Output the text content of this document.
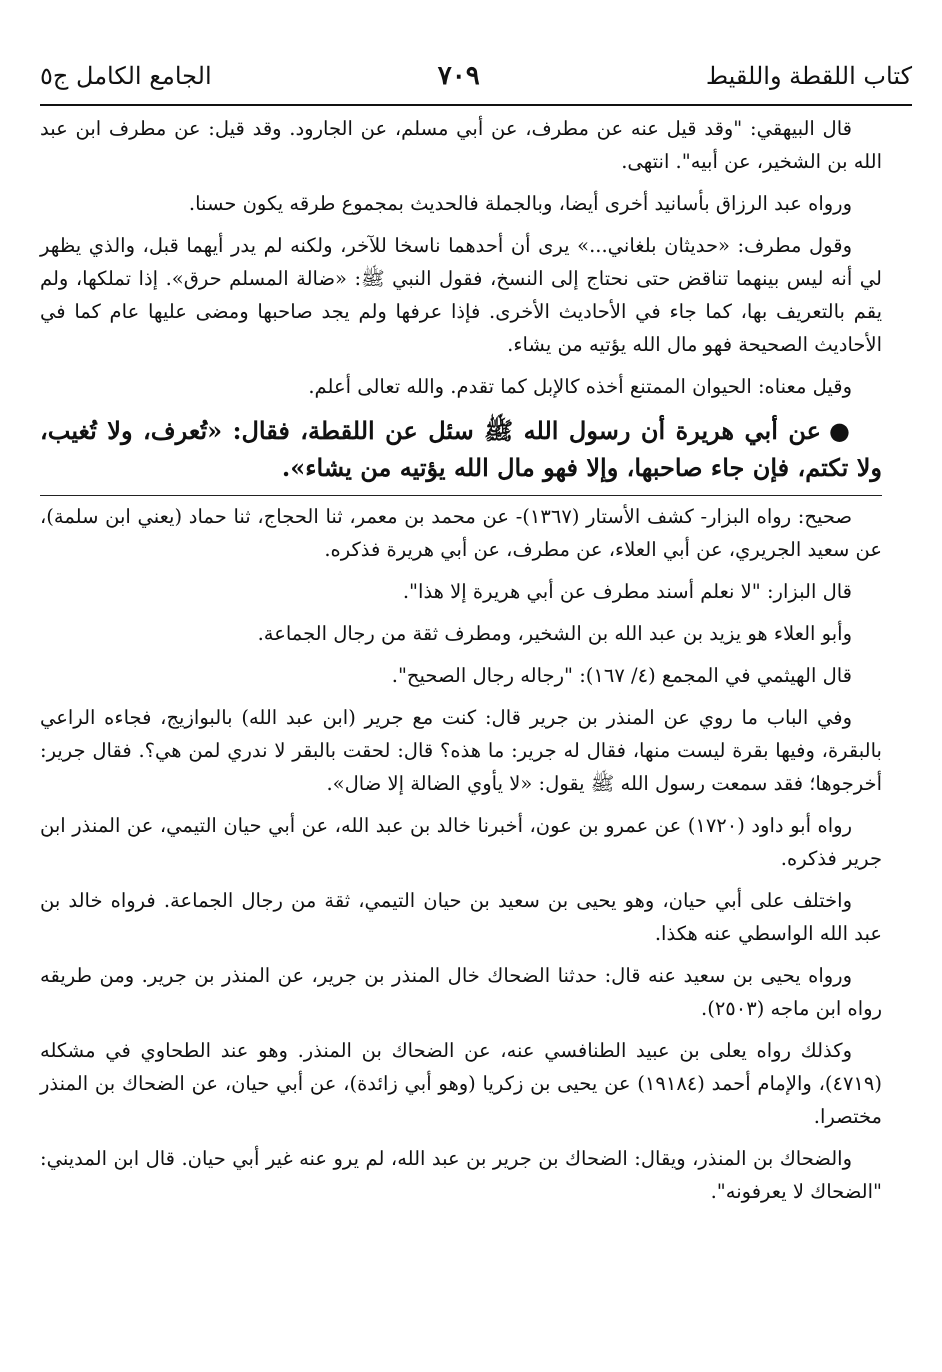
كتاب اللقطة واللقيط
٧٠٩
الجامع الكامل ج٥

قال البيهقي: "وقد قيل عنه عن مطرف، عن أبي مسلم، عن الجارود. وقد قيل: عن مطرف ابن عبد الله بن الشخير، عن أبيه". انتهى.

ورواه عبد الرزاق بأسانيد أخرى أيضا، وبالجملة فالحديث بمجموع طرقه يكون حسنا.

وقول مطرف: «حديثان بلغاني...» يرى أن أحدهما ناسخا للآخر، ولكنه لم يدر أيهما قبل، والذي يظهر لي أنه ليس بينهما تناقض حتى نحتاج إلى النسخ، فقول النبي ﷺ: «ضالة المسلم حرق». إذا تملكها، ولم يقم بالتعريف بها، كما جاء في الأحاديث الأخرى. فإذا عرفها ولم يجد صاحبها ومضى عليها عام كما في الأحاديث الصحيحة فهو مال الله يؤتيه من يشاء.

وقيل معناه: الحيوان الممتنع أخذه كالإبل كما تقدم. والله تعالى أعلم.

●عن أبي هريرة أن رسول الله ﷺ سئل عن اللقطة، فقال: «تُعرف، ولا تُغيب، ولا تكتم، فإن جاء صاحبها، وإلا فهو مال الله يؤتيه من يشاء».

صحيح: رواه البزار- كشف الأستار (١٣٦٧)- عن محمد بن معمر، ثنا الحجاج، ثنا حماد (يعني ابن سلمة)، عن سعيد الجريري، عن أبي العلاء، عن مطرف، عن أبي هريرة فذكره.

قال البزار: "لا نعلم أسند مطرف عن أبي هريرة إلا هذا".

وأبو العلاء هو يزيد بن عبد الله بن الشخير، ومطرف ثقة من رجال الجماعة.

قال الهيثمي في المجمع (٤/ ١٦٧): "رجاله رجال الصحيح".

وفي الباب ما روي عن المنذر بن جرير قال: كنت مع جرير (ابن عبد الله) بالبوازيج، فجاءه الراعي بالبقرة، وفيها بقرة ليست منها، فقال له جرير: ما هذه؟ قال: لحقت بالبقر لا ندري لمن هي؟. فقال جرير: أخرجوها؛ فقد سمعت رسول الله ﷺ يقول: «لا يأوي الضالة إلا ضال».

رواه أبو داود (١٧٢٠) عن عمرو بن عون، أخبرنا خالد بن عبد الله، عن أبي حيان التيمي، عن المنذر ابن جرير فذكره.

واختلف على أبي حيان، وهو يحيى بن سعيد بن حيان التيمي، ثقة من رجال الجماعة. فرواه خالد بن عبد الله الواسطي عنه هكذا.

ورواه يحيى بن سعيد عنه قال: حدثنا الضحاك خال المنذر بن جرير، عن المنذر بن جرير. ومن طريقه رواه ابن ماجه (٢٥٠٣).

وكذلك رواه يعلى بن عبيد الطنافسي عنه، عن الضحاك بن المنذر. وهو عند الطحاوي في مشكله (٤٧١٩)، والإمام أحمد (١٩١٨٤) عن يحيى بن زكريا (وهو أبي زائدة)، عن أبي حيان، عن الضحاك بن المنذر مختصرا.

والضحاك بن المنذر، ويقال: الضحاك بن جرير بن عبد الله، لم يرو عنه غير أبي حيان. قال ابن المديني: "الضحاك لا يعرفونه".
